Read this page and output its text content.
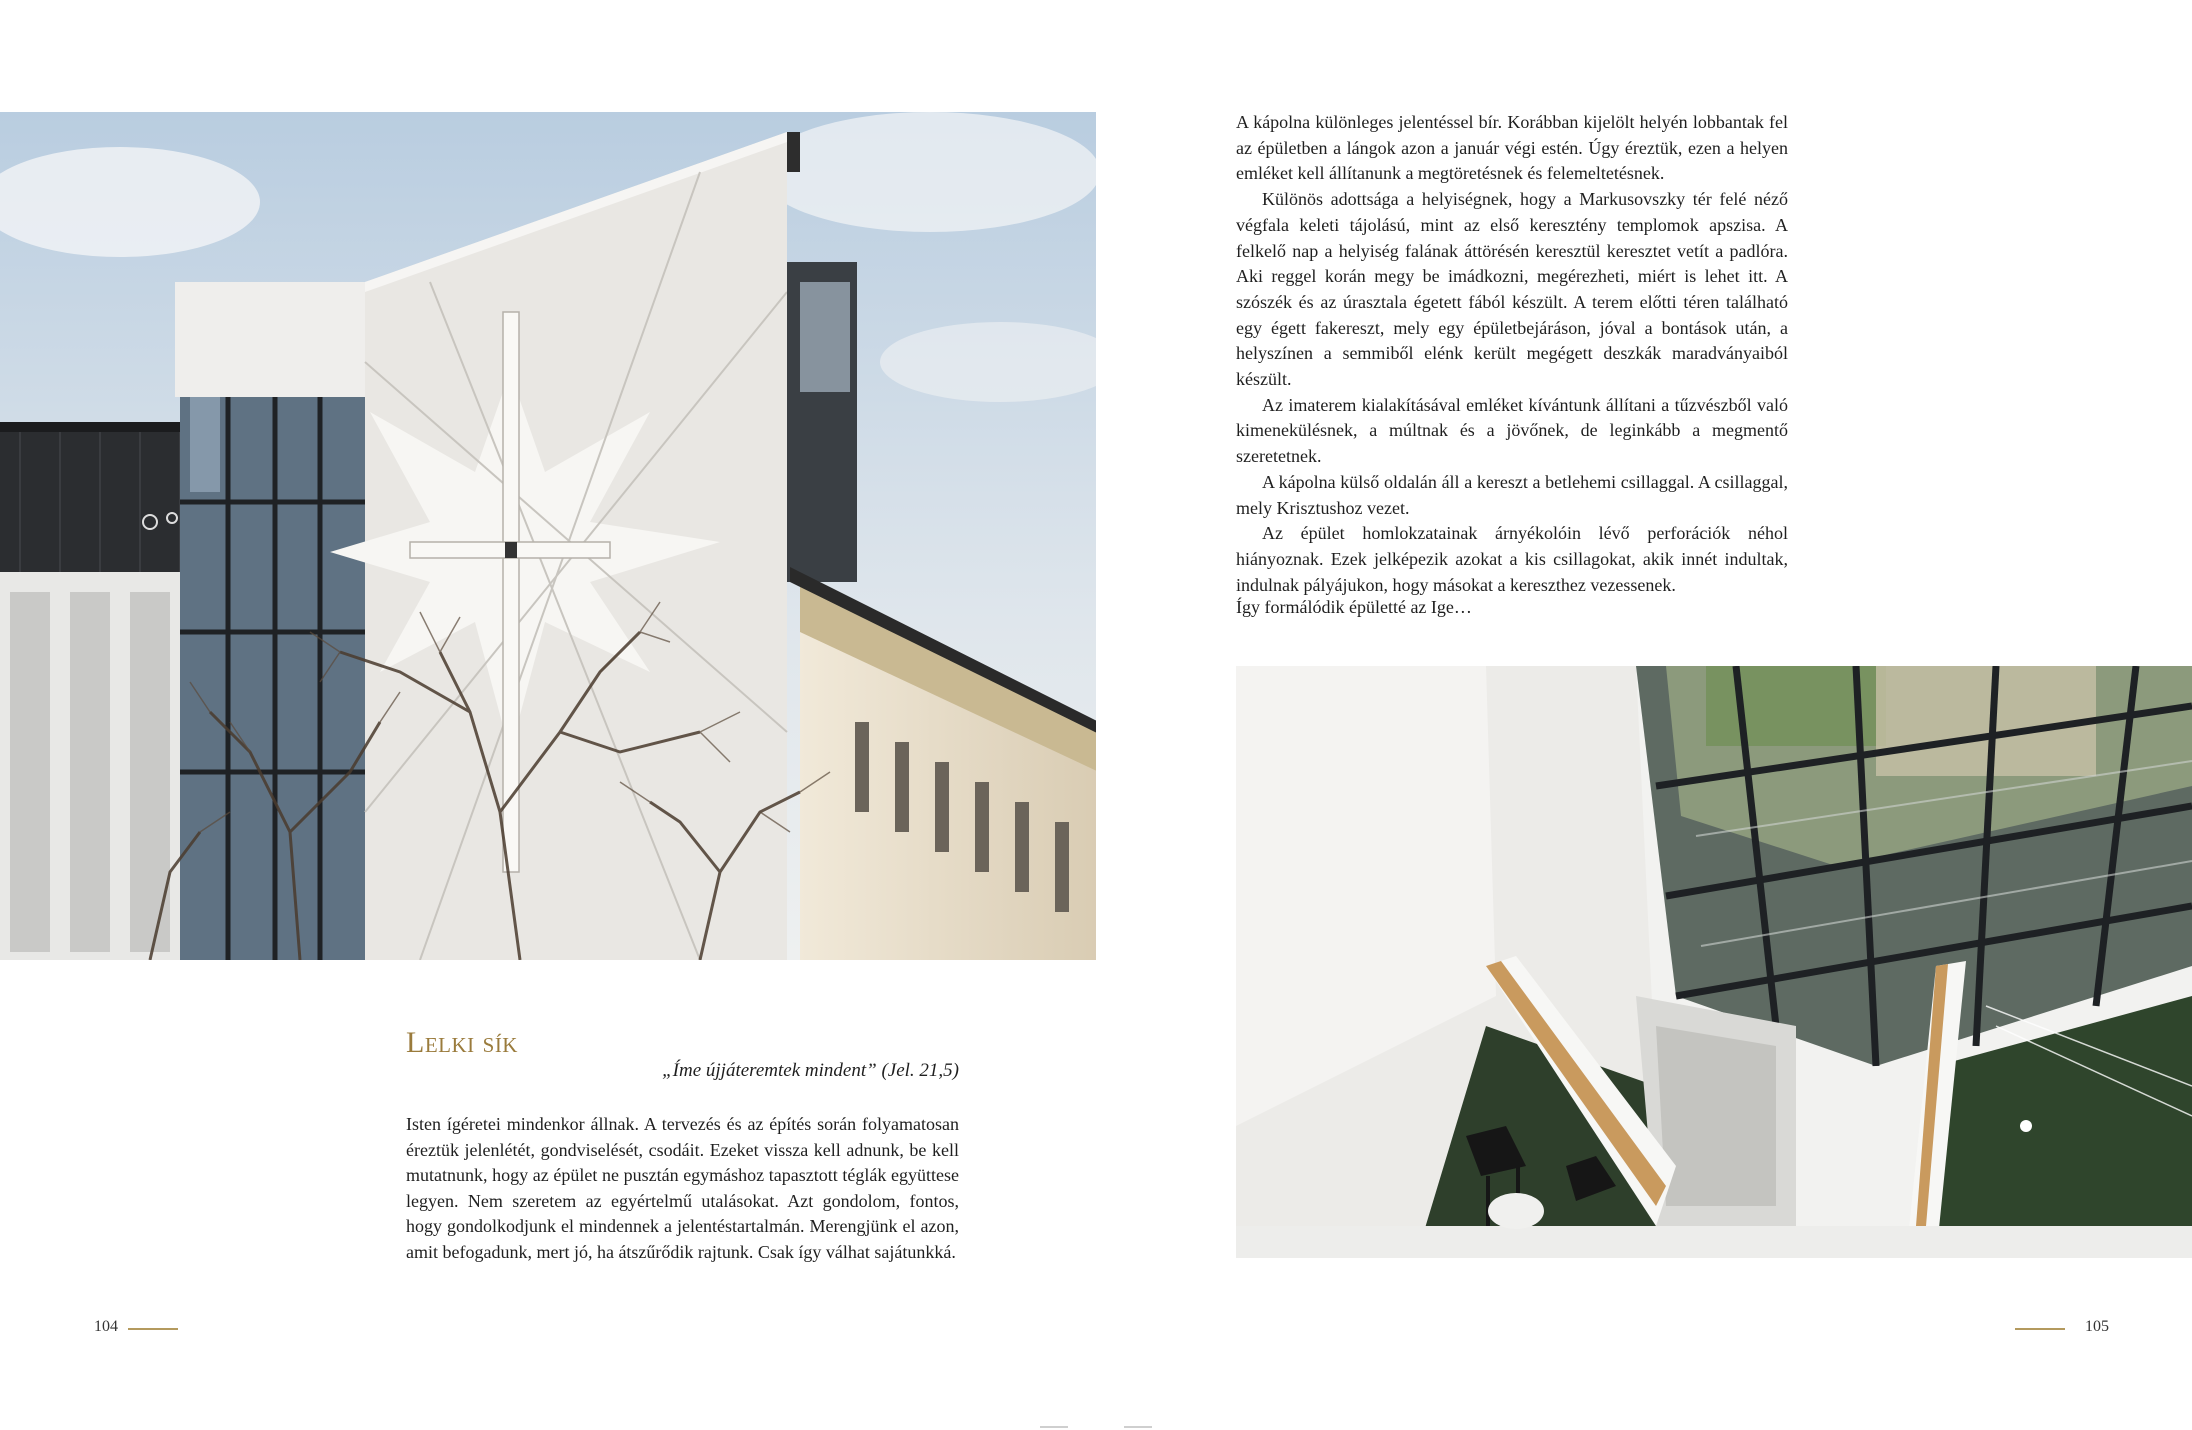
Lelki sík
„Íme újjáteremtek mindent” (Jel. 21,5)

Isten ígéretei mindenkor állnak. A tervezés és az építés során folyamatosan éreztük jelenlétét, gondviselését, csodáit. Ezeket vissza kell adnunk, be kell mutatnunk, hogy az épület ne pusztán egymáshoz tapasztott téglák együttese legyen. Nem szeretem az egyértelmű utalásokat. Azt gondolom, fontos, hogy gondolkodjunk el mindennek a jelentéstartalmán. Merengjünk el azon, amit befogadunk, mert jó, ha átszűrődik rajtunk. Csak így válhat sajátunkká.

104

A kápolna különleges jelentéssel bír. Korábban kijelölt helyén lobbantak fel az épületben a lángok azon a január végi estén. Úgy éreztük, ezen a helyen emléket kell állítanunk a megtöretésnek és felemeltetésnek.

Különös adottsága a helyiségnek, hogy a Markusovszky tér felé néző végfala keleti tájolású, mint az első keresztény templomok apszisa. A felkelő nap a helyiség falának áttörésén keresztül keresztet vetít a padlóra. Aki reggel korán megy be imádkozni, megérezheti, miért is lehet itt. A szószék és az úrasztala égetett fából készült. A terem előtti téren található egy égett fakereszt, mely egy épületbejáráson, jóval a bontások után, a helyszínen a semmiből elénk került megégett deszkák maradványaiból készült.

Az imaterem kialakításával emléket kívántunk állítani a tűzvészből való kimenekülésnek, a múltnak és a jövőnek, de leginkább a megmentő szeretetnek.

A kápolna külső oldalán áll a kereszt a betlehemi csillaggal. A csillaggal, mely Krisztushoz vezet.

Az épület homlokzatainak árnyékolóin lévő perforációk néhol hiányoznak. Ezek jelképezik azokat a kis csillagokat, akik innét indultak, indulnak pályájukon, hogy másokat a kereszthez vezessenek.

Így formálódik épületté az Ige…

105
